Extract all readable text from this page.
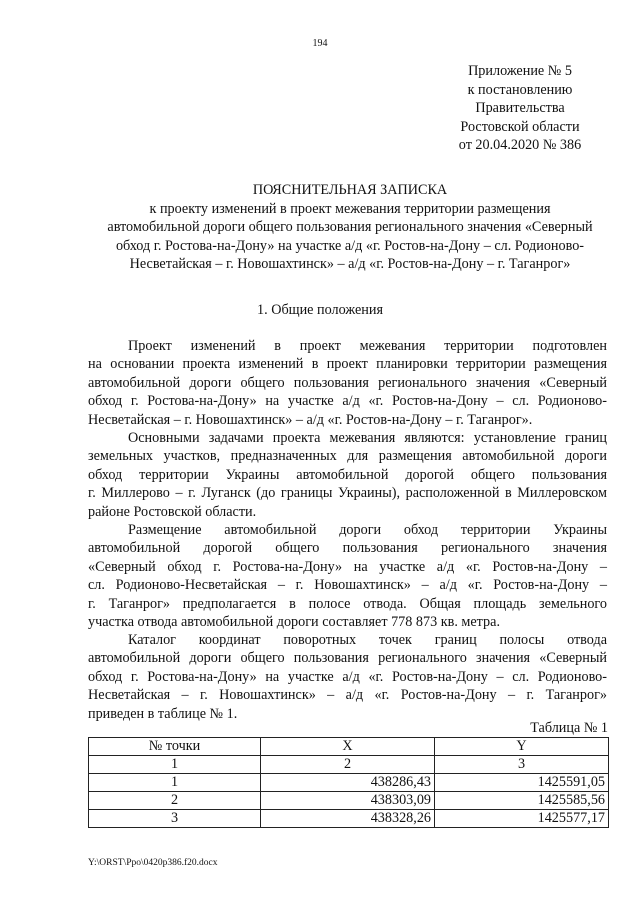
194
Приложение № 5
к постановлению
Правительства
Ростовской области
от 20.04.2020 № 386
ПОЯСНИТЕЛЬНАЯ ЗАПИСКА
к проекту изменений в проект межевания территории размещения
автомобильной дороги общего пользования регионального значения «Северный
обход г. Ростова-на-Дону» на участке а/д «г. Ростов-на-Дону – сл. Родионово-
Несветайская – г. Новошахтинск» – а/д «г. Ростов-на-Дону – г. Таганрог»
1. Общие положения
Проект изменений в проект межевания территории подготовлен
на основании проекта изменений в проект планировки территории размещения
автомобильной дороги общего пользования регионального значения «Северный
обход г. Ростова-на-Дону» на участке а/д «г. Ростов-на-Дону – сл. Родионово-
Несветайская – г. Новошахтинск» – а/д «г. Ростов-на-Дону – г. Таганрог».
Основными задачами проекта межевания являются: установление границ
земельных участков, предназначенных для размещения автомобильной дороги
обход территории Украины автомобильной дорогой общего пользования
г. Миллерово – г. Луганск (до границы Украины), расположенной в Миллеровском
районе Ростовской области.
Размещение автомобильной дороги обход территории Украины
автомобильной дорогой общего пользования регионального значения
«Северный обход г. Ростова-на-Дону» на участке а/д «г. Ростов-на-Дону –
сл. Родионово-Несветайская – г. Новошахтинск» – а/д «г. Ростов-на-Дону –
г. Таганрог» предполагается в полосе отвода. Общая площадь земельного
участка отвода автомобильной дороги составляет 778 873 кв. метра.
Каталог координат поворотных точек границ полосы отвода
автомобильной дороги общего пользования регионального значения «Северный
обход г. Ростова-на-Дону» на участке а/д «г. Ростов-на-Дону – сл. Родионово-
Несветайская – г. Новошахтинск» – а/д «г. Ростов-на-Дону – г. Таганрог»
приведен в таблице № 1.
Таблица № 1
№ точки	X	Y
1	2	3
1	438286,43	1425591,05
2	438303,09	1425585,56
3	438328,26	1425577,17
Y:\ORST\Ppo\0420p386.f20.docx
